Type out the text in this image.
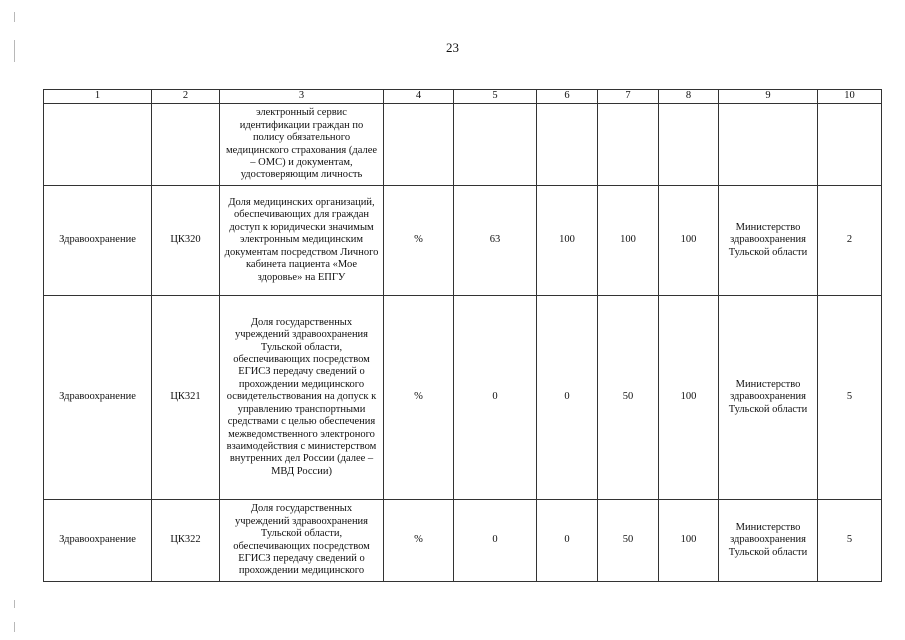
23
1	2	3	4	5	6	7	8	9	10
		электронный сервис идентификации граждан по полису обязательного медицинского страхования (далее – ОМС) и документам, удостоверяющим личность							
Здравоохранение	ЦК320	Доля медицинских организаций, обеспечивающих для граждан доступ к юридически значимым электронным медицинским документам посредством Личного кабинета пациента «Мое здоровье» на ЕПГУ	%	63	100	100	100	Министерство здравоохранения Тульской области	2
Здравоохранение	ЦК321	Доля государственных учреждений здравоохранения Тульской области, обеспечивающих посредством ЕГИСЗ передачу сведений о прохождении медицинского освидетельствования на допуск к управлению транспортными средствами с целью обеспечения межведомственного электроного взаимодействия с министерством внутренних дел России (далее – МВД России)	%	0	0	50	100	Министерство здравоохранения Тульской области	5
Здравоохранение	ЦК322	Доля государственных учреждений здравоохранения Тульской области, обеспечивающих посредством ЕГИСЗ передачу сведений о прохождении медицинского	%	0	0	50	100	Министерство здравоохранения Тульской области	5
